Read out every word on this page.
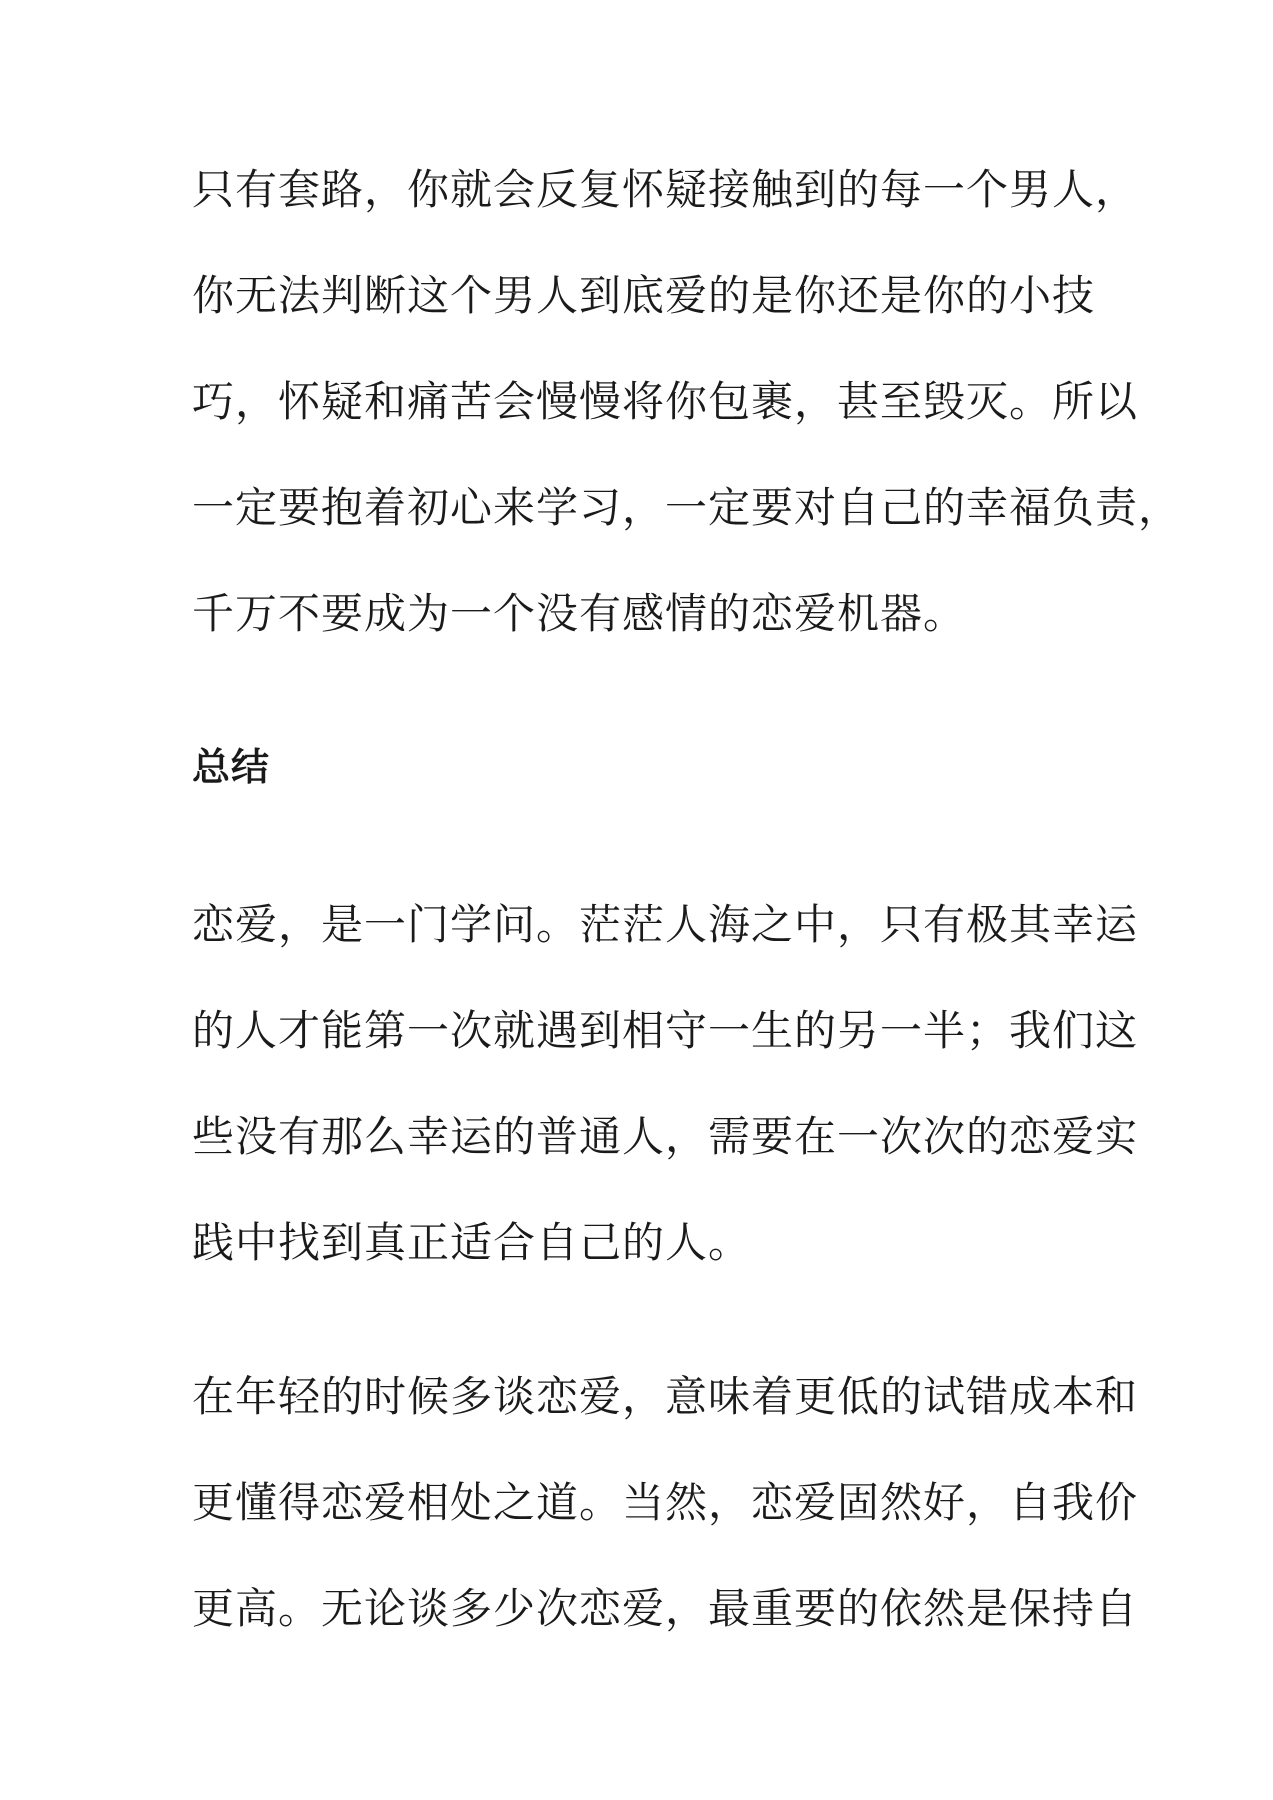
只有套路，你就会反复怀疑接触到的每一个男人，
你无法判断这个男人到底爱的是你还是你的小技
巧，怀疑和痛苦会慢慢将你包裹，甚至毁灭。所以
一定要抱着初心来学习，一定要对自己的幸福负责，
千万不要成为一个没有感情的恋爱机器。
总结
恋爱，是一门学问。茫茫人海之中，只有极其幸运
的人才能第一次就遇到相守一生的另一半；我们这
些没有那么幸运的普通人，需要在一次次的恋爱实
践中找到真正适合自己的人。
在年轻的时候多谈恋爱，意味着更低的试错成本和
更懂得恋爱相处之道。当然，恋爱固然好，自我价
更高。无论谈多少次恋爱，最重要的依然是保持自
